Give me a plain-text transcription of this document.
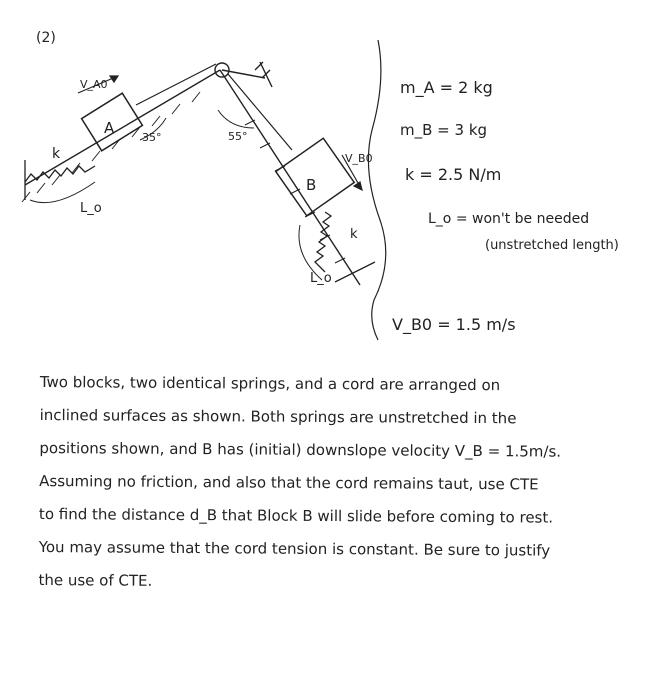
(2)
k
L_o
A
V_A0
35°	55°
B
V_B0
k
L_o
m_A = 2 kg
m_B = 3 kg
k = 2.5 N/m
L_o = won't be needed
(unstretched length)
V_B0 = 1.5 m/s
Two blocks, two identical springs, and a cord are arranged on
inclined surfaces as shown. Both springs are unstretched in the
positions shown, and B has (initial) downslope velocity V_B = 1.5m/s.
Assuming no friction, and also that the cord remains taut, use CTE
to find the distance d_B that Block B will slide before coming to rest.
You may assume that the cord tension is constant. Be sure to justify
the use of CTE.
